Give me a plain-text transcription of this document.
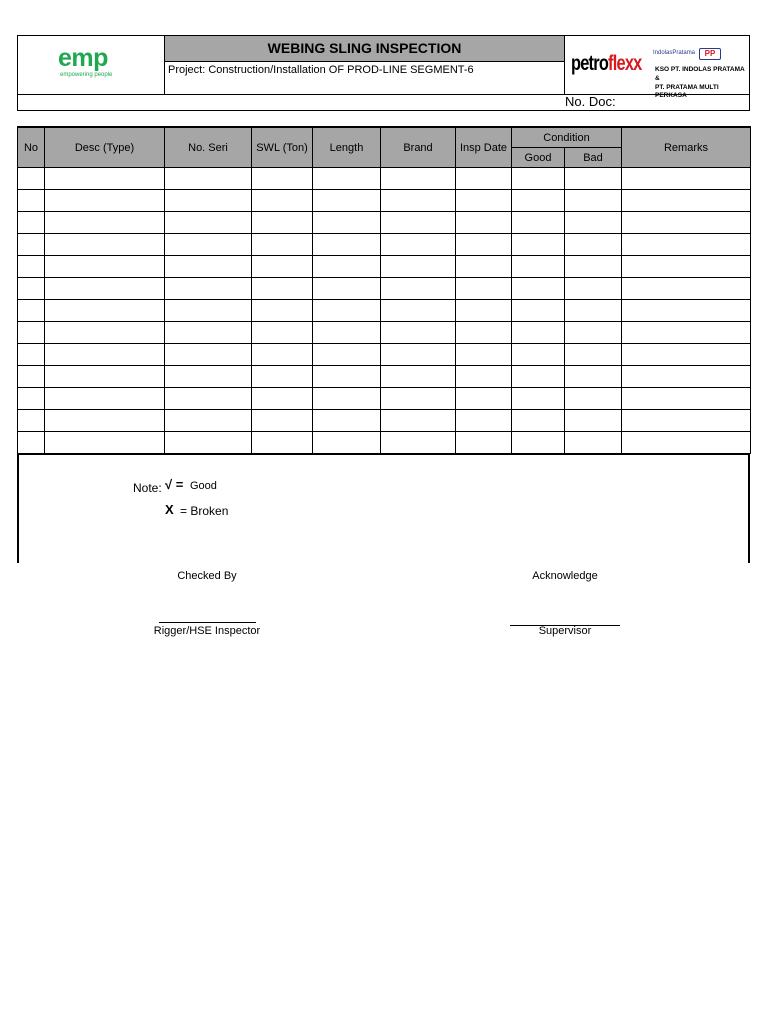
emp
empowering people
WEBING SLING INSPECTION
Project: Construction/Installation OF PROD-LINE SEGMENT-6	petroflexx IndolasPratama	PP
KSO PT. INDOLAS PRATAMA &
PT. PRATAMA MULTI PERKASA
No. Doc:
No	Desc (Type)	No. Seri	SWL (Ton)	Length	Brand	Insp Date	Condition		Remarks
							Good	Bad	

Note: √ = Good
X = Broken
Checked By
Rigger/HSE Inspector
Acknowledge
Supervisor
